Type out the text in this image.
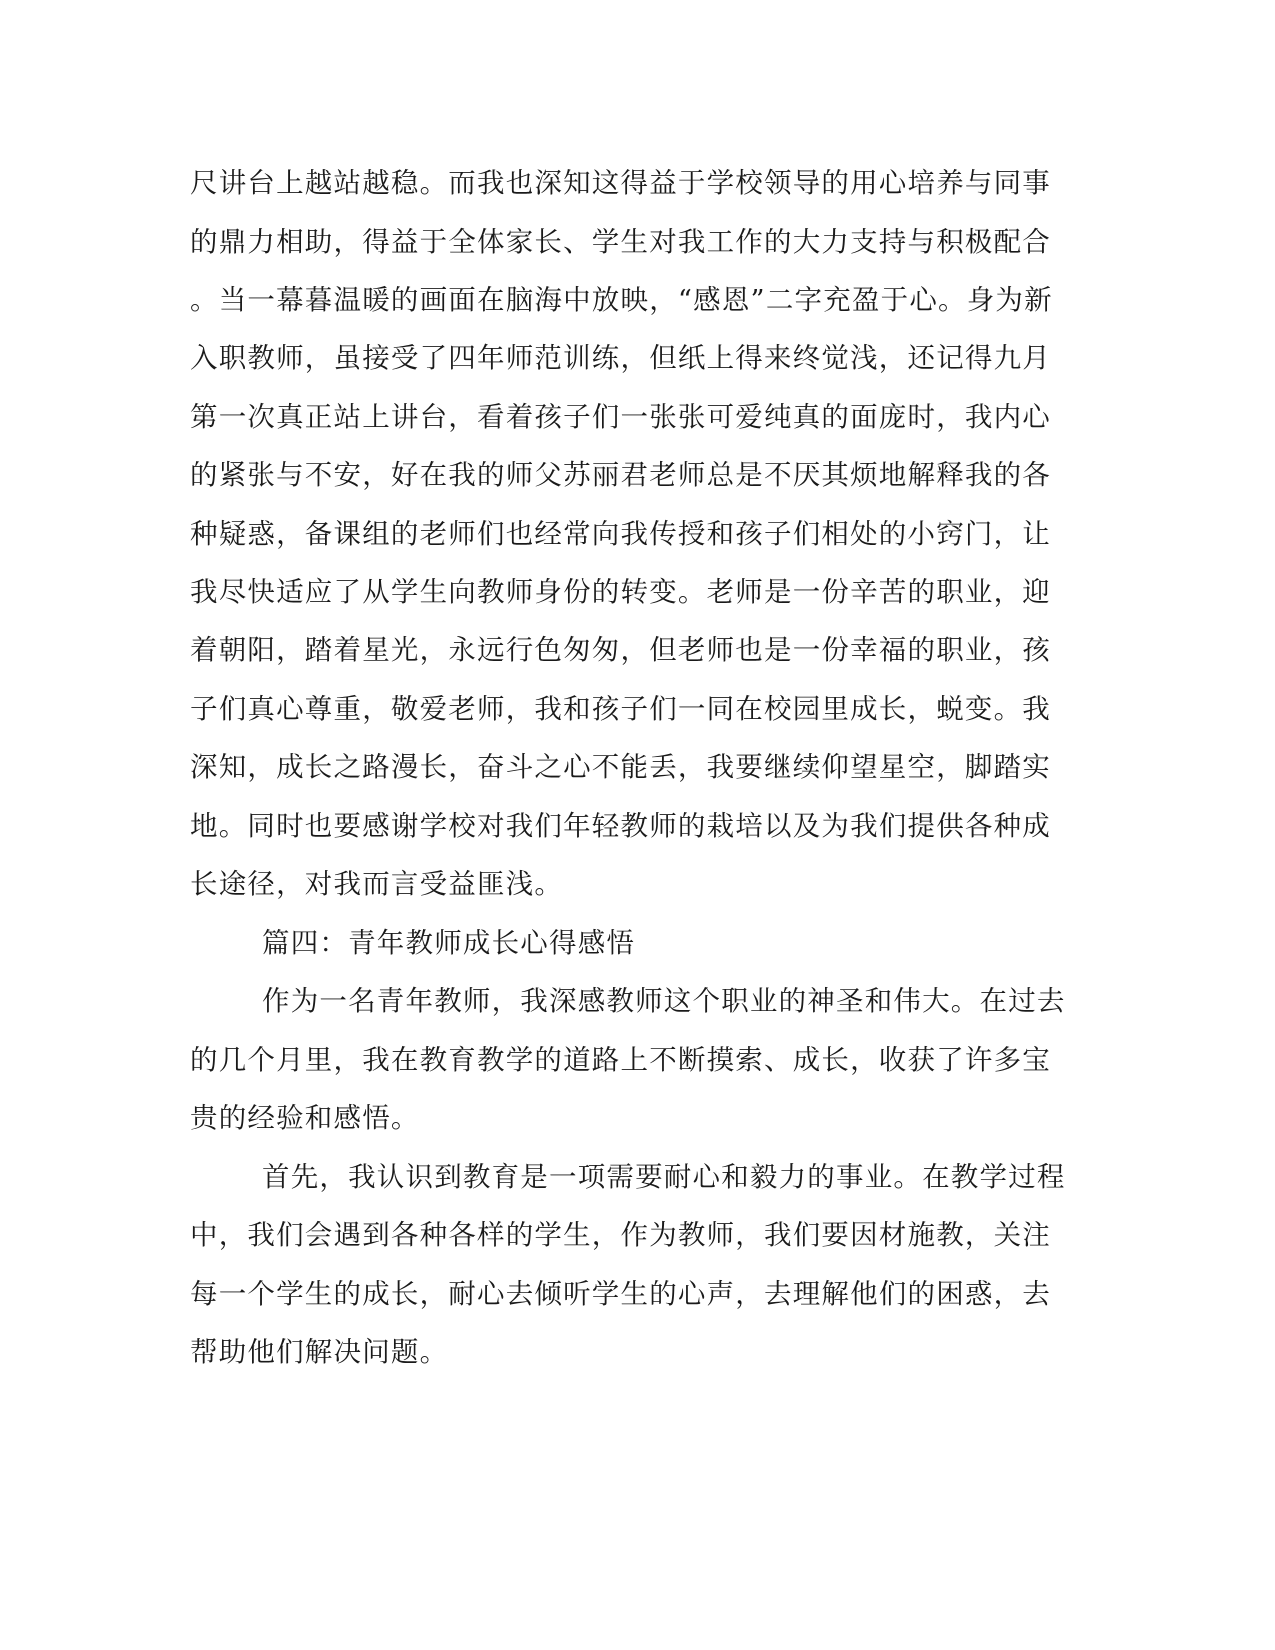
尺讲台上越站越稳。而我也深知这得益于学校领导的用心培养与同事
的鼎力相助，得益于全体家长、学生对我工作的大力支持与积极配合
。当一幕暮温暖的画面在脑海中放映，“感恩”二字充盈于心。身为新
入职教师，虽接受了四年师范训练，但纸上得来终觉浅，还记得九月
第一次真正站上讲台，看着孩子们一张张可爱纯真的面庞时，我内心
的紧张与不安，好在我的师父苏丽君老师总是不厌其烦地解释我的各
种疑惑，备课组的老师们也经常向我传授和孩子们相处的小窍门，让
我尽快适应了从学生向教师身份的转变。老师是一份辛苦的职业，迎
着朝阳，踏着星光，永远行色匆匆，但老师也是一份幸福的职业，孩
子们真心尊重，敬爱老师，我和孩子们一同在校园里成长，蜕变。我
深知，成长之路漫长，奋斗之心不能丢，我要继续仰望星空，脚踏实
地。同时也要感谢学校对我们年轻教师的栽培以及为我们提供各种成
长途径，对我而言受益匪浅。
篇四：青年教师成长心得感悟
作为一名青年教师，我深感教师这个职业的神圣和伟大。在过去
的几个月里，我在教育教学的道路上不断摸索、成长，收获了许多宝
贵的经验和感悟。
首先，我认识到教育是一项需要耐心和毅力的事业。在教学过程
中，我们会遇到各种各样的学生，作为教师，我们要因材施教，关注
每一个学生的成长，耐心去倾听学生的心声，去理解他们的困惑，去
帮助他们解决问题。
